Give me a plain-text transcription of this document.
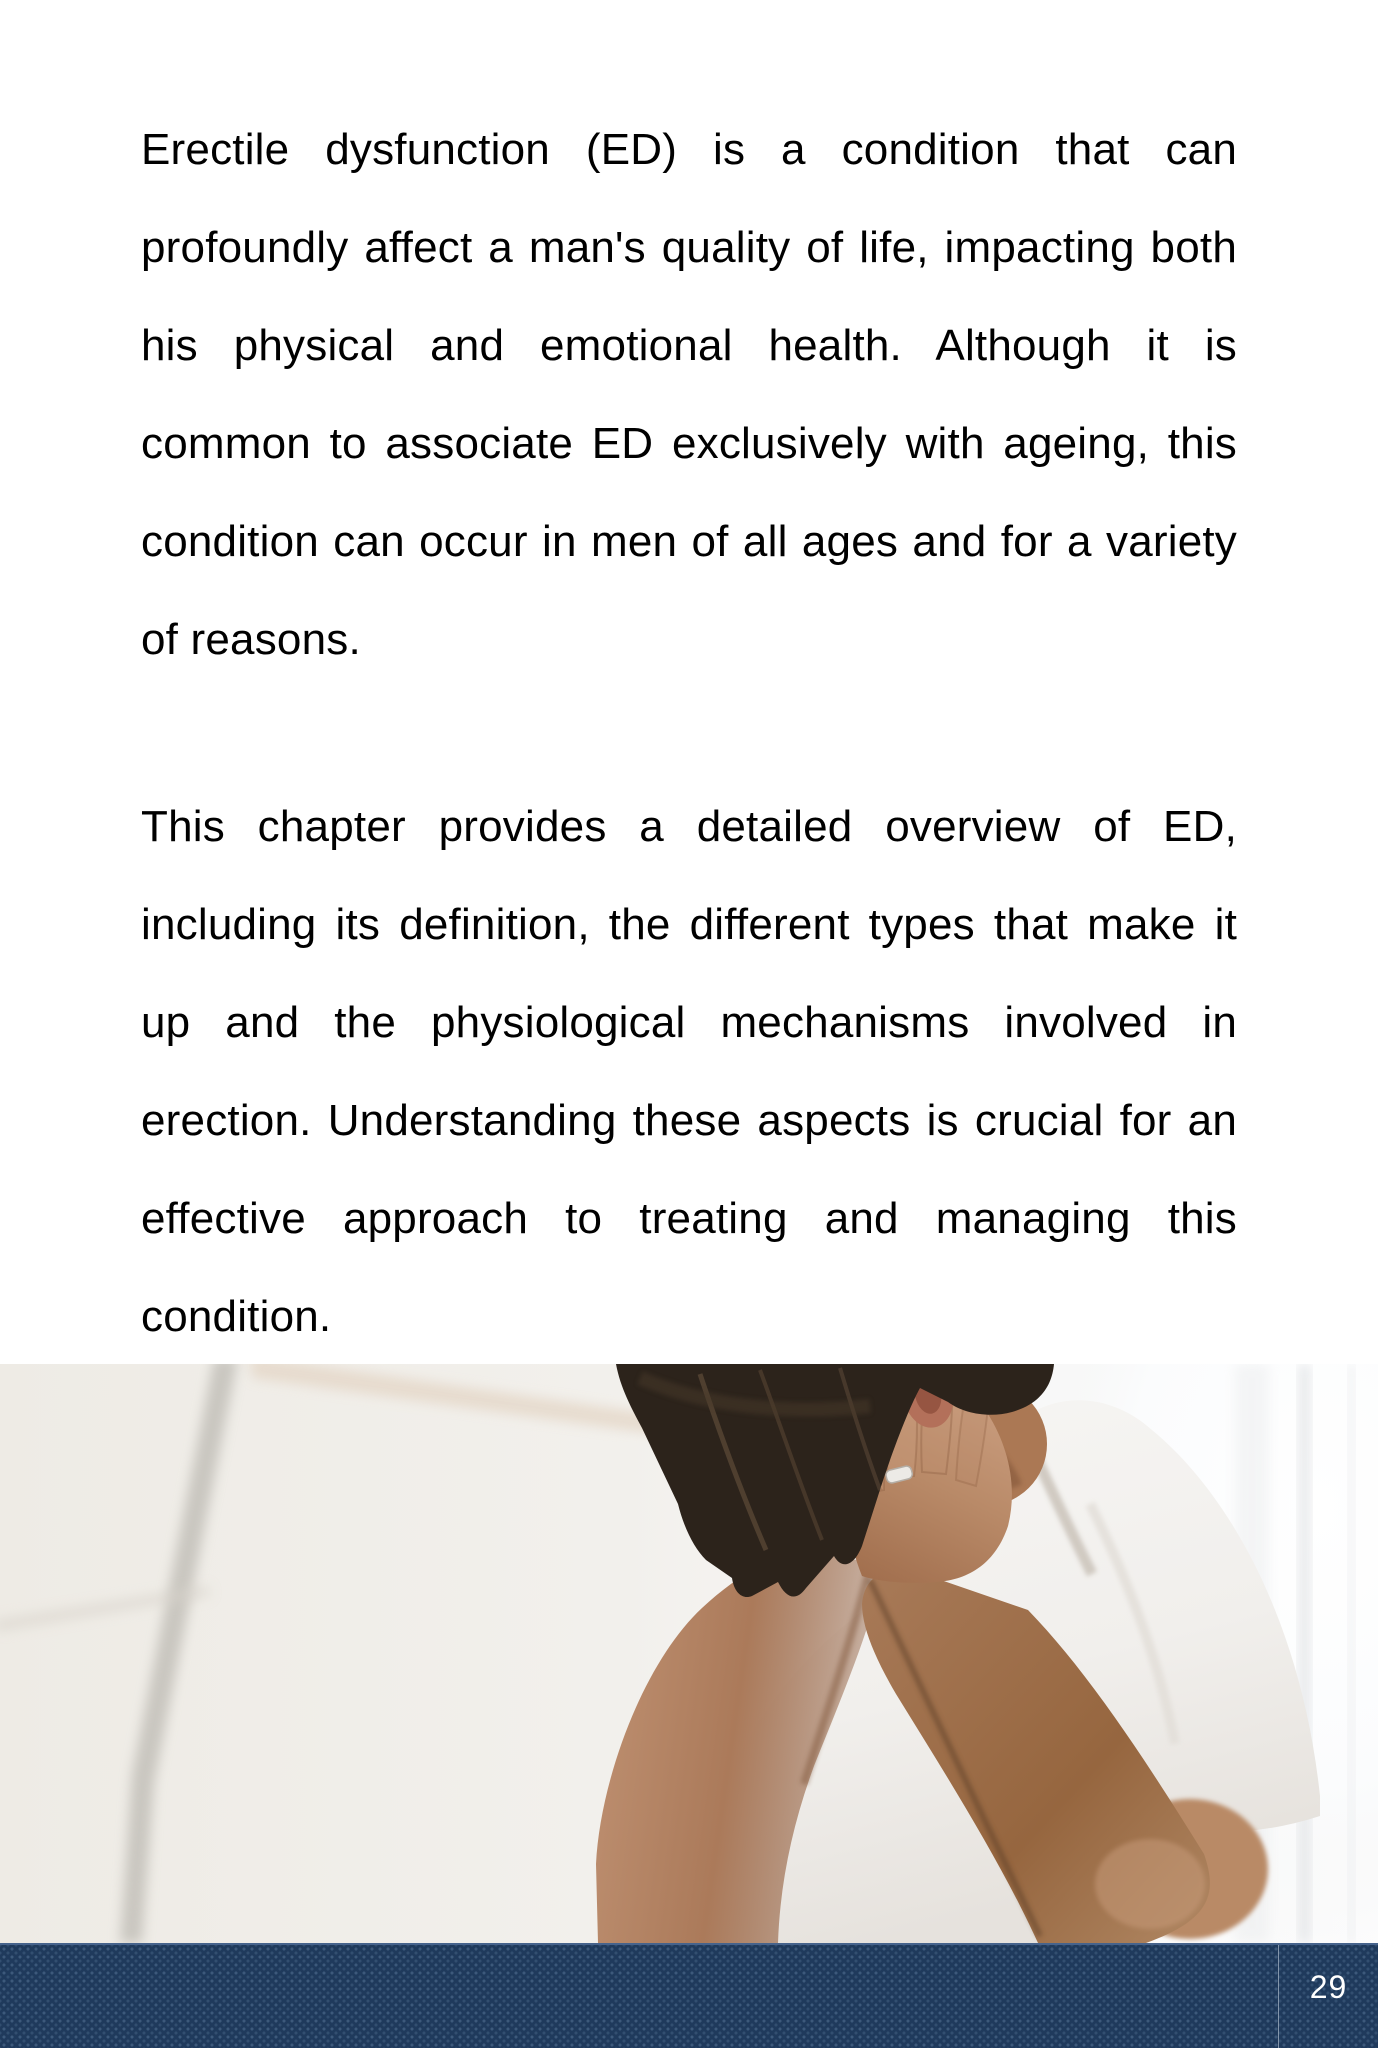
Erectile dysfunction (ED) is a condition that can
profoundly affect a man's quality of life, impacting both
his physical and emotional health. Although it is
common to associate ED exclusively with ageing, this
condition can occur in men of all ages and for a variety
of reasons.
This chapter provides a detailed overview of ED,
including its definition, the different types that make it
up and the physiological mechanisms involved in
erection. Understanding these aspects is crucial for an
effective approach to treating and managing this
condition.
29
